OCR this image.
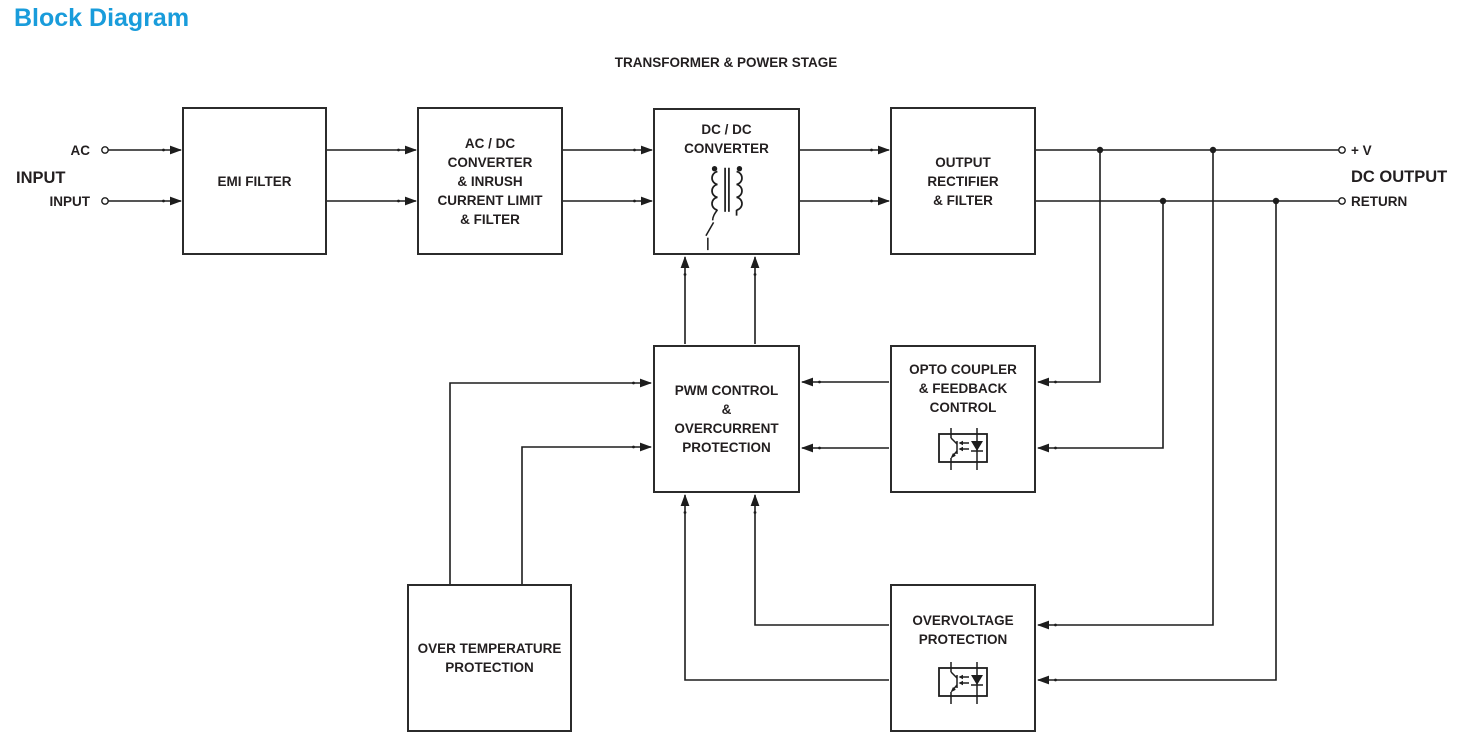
Block Diagram
TRANSFORMER & POWER STAGE
AC
INPUT
INPUT
+ V
DC OUTPUT
RETURN
EMI FILTER
AC / DC
CONVERTER
& INRUSH
CURRENT LIMIT
& FILTER
DC / DC
CONVERTER
OUTPUT
RECTIFIER
& FILTER
PWM CONTROL
&
OVERCURRENT
PROTECTION
OPTO COUPLER
& FEEDBACK
CONTROL
OVER TEMPERATURE
PROTECTION
OVERVOLTAGE
PROTECTION
